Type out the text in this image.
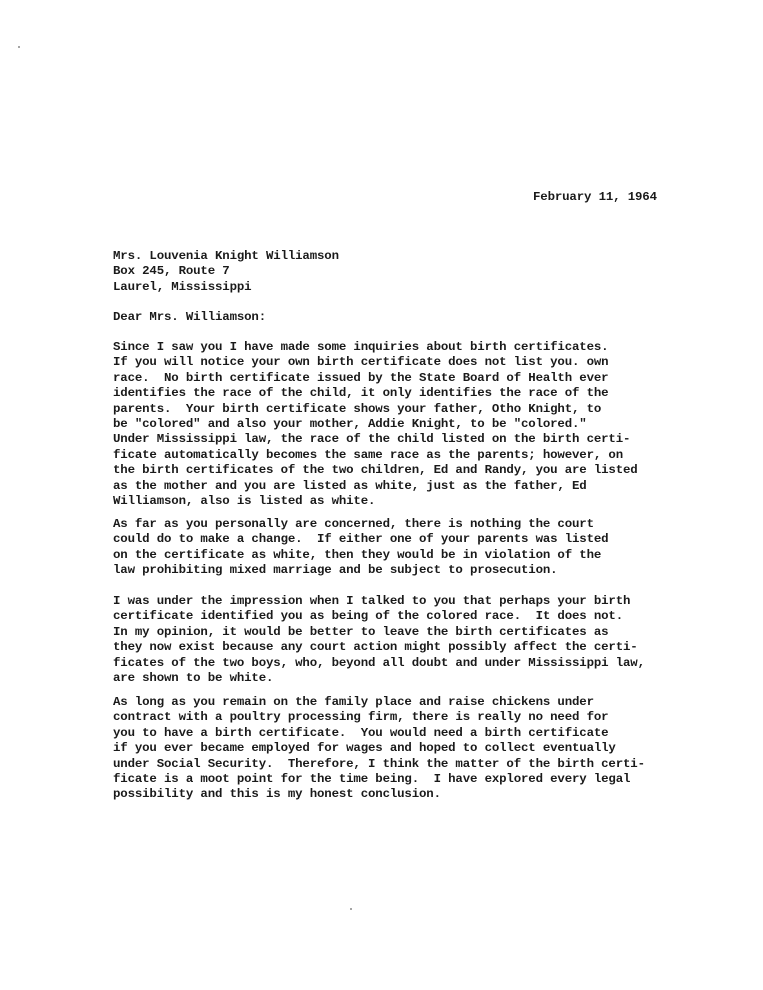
February 11, 1964
Mrs. Louvenia Knight Williamson
Box 245, Route 7
Laurel, Mississippi
Dear Mrs. Williamson:
Since I saw you I have made some inquiries about birth certificates.
If you will notice your own birth certificate does not list you. own
race.  No birth certificate issued by the State Board of Health ever
identifies the race of the child, it only identifies the race of the
parents.  Your birth certificate shows your father, Otho Knight, to
be "colored" and also your mother, Addie Knight, to be "colored."
Under Mississippi law, the race of the child listed on the birth certi-
ficate automatically becomes the same race as the parents; however, on
the birth certificates of the two children, Ed and Randy, you are listed
as the mother and you are listed as white, just as the father, Ed
Williamson, also is listed as white.
As far as you personally are concerned, there is nothing the court
could do to make a change.  If either one of your parents was listed
on the certificate as white, then they would be in violation of the
law prohibiting mixed marriage and be subject to prosecution.
I was under the impression when I talked to you that perhaps your birth
certificate identified you as being of the colored race.  It does not.
In my opinion, it would be better to leave the birth certificates as
they now exist because any court action might possibly affect the certi-
ficates of the two boys, who, beyond all doubt and under Mississippi law,
are shown to be white.
As long as you remain on the family place and raise chickens under
contract with a poultry processing firm, there is really no need for
you to have a birth certificate.  You would need a birth certificate
if you ever became employed for wages and hoped to collect eventually
under Social Security.  Therefore, I think the matter of the birth certi-
ficate is a moot point for the time being.  I have explored every legal
possibility and this is my honest conclusion.
